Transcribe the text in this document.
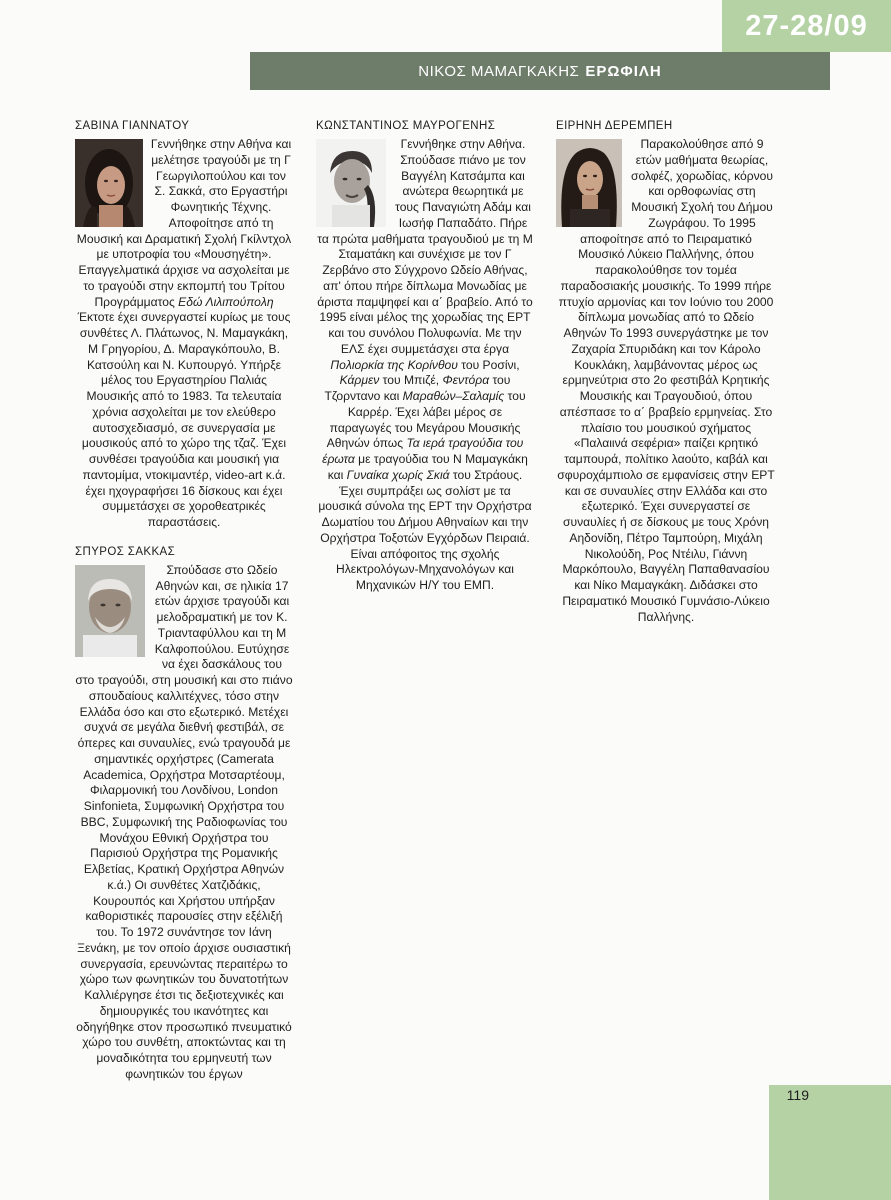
27-28/09
ΝΙΚΟΣ ΜΑΜΑΓΚΑΚΗΣ ΕΡΩΦΙΛΗ
ΣΑΒΙΝΑ ΓΙΑΝΝΑΤΟΥ
Γεννήθηκε στην Αθήνα και μελέτησε τραγούδι με τη Γ Γεωργιλοπούλου και τον Σ. Σακκά, στο Εργαστήρι Φωνητικής Τέχνης. Αποφοίτησε από τη Μουσική και Δραματική Σχολή Γκίλντχολ με υποτροφία του «Μουσηγέτη». Επαγγελματικά άρχισε να ασχολείται με το τραγούδι στην εκπομπή του Τρίτου Προγράμματος Εδώ Λιλιπούπολη Έκτοτε έχει συνεργαστεί κυρίως με τους συνθέτες Λ. Πλάτωνος, Ν. Μαμαγκάκη, Μ Γρηγορίου, Δ. Μαραγκόπουλο, Β. Κατσούλη και Ν. Κυπουργό. Υπήρξε μέλος του Εργαστηρίου Παλιάς Μουσικής από το 1983. Τα τελευταία χρόνια ασχολείται με τον ελεύθερο αυτοσχεδιασμό, σε συνεργασία με μουσικούς από το χώρο της τζαζ. Έχει συνθέσει τραγούδια και μουσική για παντομίμα, ντοκιμαντέρ, video-art κ.ά. έχει ηχογραφήσει 16 δίσκους και έχει συμμετάσχει σε χοροθεατρικές παραστάσεις.
ΣΠΥΡΟΣ ΣΑΚΚΑΣ
Σπούδασε στο Ωδείο Αθηνών και, σε ηλικία 17 ετών άρχισε τραγούδι και μελοδραματική με τον Κ. Τριανταφύλλου και τη Μ Καλφοπούλου. Ευτύχησε να έχει δασκάλους του στο τραγούδι, στη μουσική και στο πιάνο σπουδαίους καλλιτέχνες, τόσο στην Ελλάδα όσο και στο εξωτερικό. Μετέχει συχνά σε μεγάλα διεθνή φεστιβάλ, σε όπερες και συναυλίες, ενώ τραγουδά με σημαντικές ορχήστρες (Camerata Academica, Ορχήστρα Μοτσαρτέουμ, Φιλαρμονική του Λονδίνου, London Sinfonieta, Συμφωνική Ορχήστρα του BBC, Συμφωνική της Ραδιοφωνίας του Μονάχου Εθνική Ορχήστρα του Παρισιού Ορχήστρα της Ρομανικής Ελβετίας, Κρατική Ορχήστρα Αθηνών κ.ά.) Οι συνθέτες Χατζιδάκις, Κουρουπός και Χρήστου υπήρξαν καθοριστικές παρουσίες στην εξέλιξή του. Το 1972 συνάντησε τον Ιάνη Ξενάκη, με τον οποίο άρχισε ουσιαστική συνεργασία, ερευνώντας περαιτέρω το χώρο των φωνητικών του δυνατοτήτων Καλλιέργησε έτσι τις δεξιοτεχνικές και δημιουργικές του ικανότητες και οδηγήθηκε στον προσωπικό πνευματικό χώρο του συνθέτη, αποκτώντας και τη μοναδικότητα του ερμηνευτή των φωνητικών του έργων
ΚΩΝΣΤΑΝΤΙΝΟΣ ΜΑΥΡΟΓΕΝΗΣ
Γεννήθηκε στην Αθήνα. Σπούδασε πιάνο με τον Βαγγέλη Κατσάμπα και ανώτερα θεωρητικά με τους Παναγιώτη Αδάμ και Ιωσήφ Παπαδάτο. Πήρε τα πρώτα μαθήματα τραγουδιού με τη Μ Σταματάκη και συνέχισε με τον Γ Ζερβάνο στο Σύγχρονο Ωδείο Αθήνας, απ' όπου πήρε δίπλωμα Μονωδίας με άριστα παμψηφεί και α΄ βραβείο. Από το 1995 είναι μέλος της χορωδίας της ΕΡΤ και του συνόλου Πολυφωνία. Με την ΕΛΣ έχει συμμετάσχει στα έργα Πολιορκία της Κορίνθου του Ροσίνι, Κάρμεν του Μπιζέ, Φεντόρα του Τζορντανο και Μαραθών–Σαλαμίς του Καρρέρ. Έχει λάβει μέρος σε παραγωγές του Μεγάρου Μουσικής Αθηνών όπως Τα ιερά τραγούδια του έρωτα με τραγούδια του Ν Μαμαγκάκη και Γυναίκα χωρίς Σκιά του Στράους. Έχει συμπράξει ως σολίστ με τα μουσικά σύνολα της ΕΡΤ την Ορχήστρα Δωματίου του Δήμου Αθηναίων και την Ορχήστρα Τοξοτών Εγχόρδων Πειραιά. Είναι απόφοιτος της σχολής Ηλεκτρολόγων-Μηχανολόγων και Μηχανικών Η/Υ του ΕΜΠ.
ΕΙΡΗΝΗ ΔΕΡΕΜΠΕΗ
Παρακολούθησε από 9 ετών μαθήματα θεωρίας, σολφέζ, χορωδίας, κόρνου και ορθοφωνίας στη Μουσική Σχολή του Δήμου Ζωγράφου. Το 1995 αποφοίτησε από το Πειραματικό Μουσικό Λύκειο Παλλήνης, όπου παρακολούθησε τον τομέα παραδοσιακής μουσικής. Το 1999 πήρε πτυχίο αρμονίας και τον Ιούνιο του 2000 δίπλωμα μονωδίας από το Ωδείο Αθηνών Το 1993 συνεργάστηκε με τον Ζαχαρία Σπυριδάκη και τον Κάρολο Κουκλάκη, λαμβάνοντας μέρος ως ερμηνεύτρια στο 2ο φεστιβάλ Κρητικής Μουσικής και Τραγουδιού, όπου απέσπασε το α΄ βραβείο ερμηνείας. Στο πλαίσιο του μουσικού σχήματος «Παλαιινά σεφέρια» παίζει κρητικό ταμπουρά, πολίτικο λαούτο, καβάλ και σφυροχάμπιολο σε εμφανίσεις στην ΕΡΤ και σε συναυλίες στην Ελλάδα και στο εξωτερικό. Έχει συνεργαστεί σε συναυλίες ή σε δίσκους με τους Χρόνη Αηδονίδη, Πέτρο Ταμπούρη, Μιχάλη Νικολούδη, Ρος Ντέιλυ, Γιάννη Μαρκόπουλο, Βαγγέλη Παπαθανασίου και Νίκο Μαμαγκάκη. Διδάσκει στο Πειραματικό Μουσικό Γυμνάσιο-Λύκειο Παλλήνης.
119
